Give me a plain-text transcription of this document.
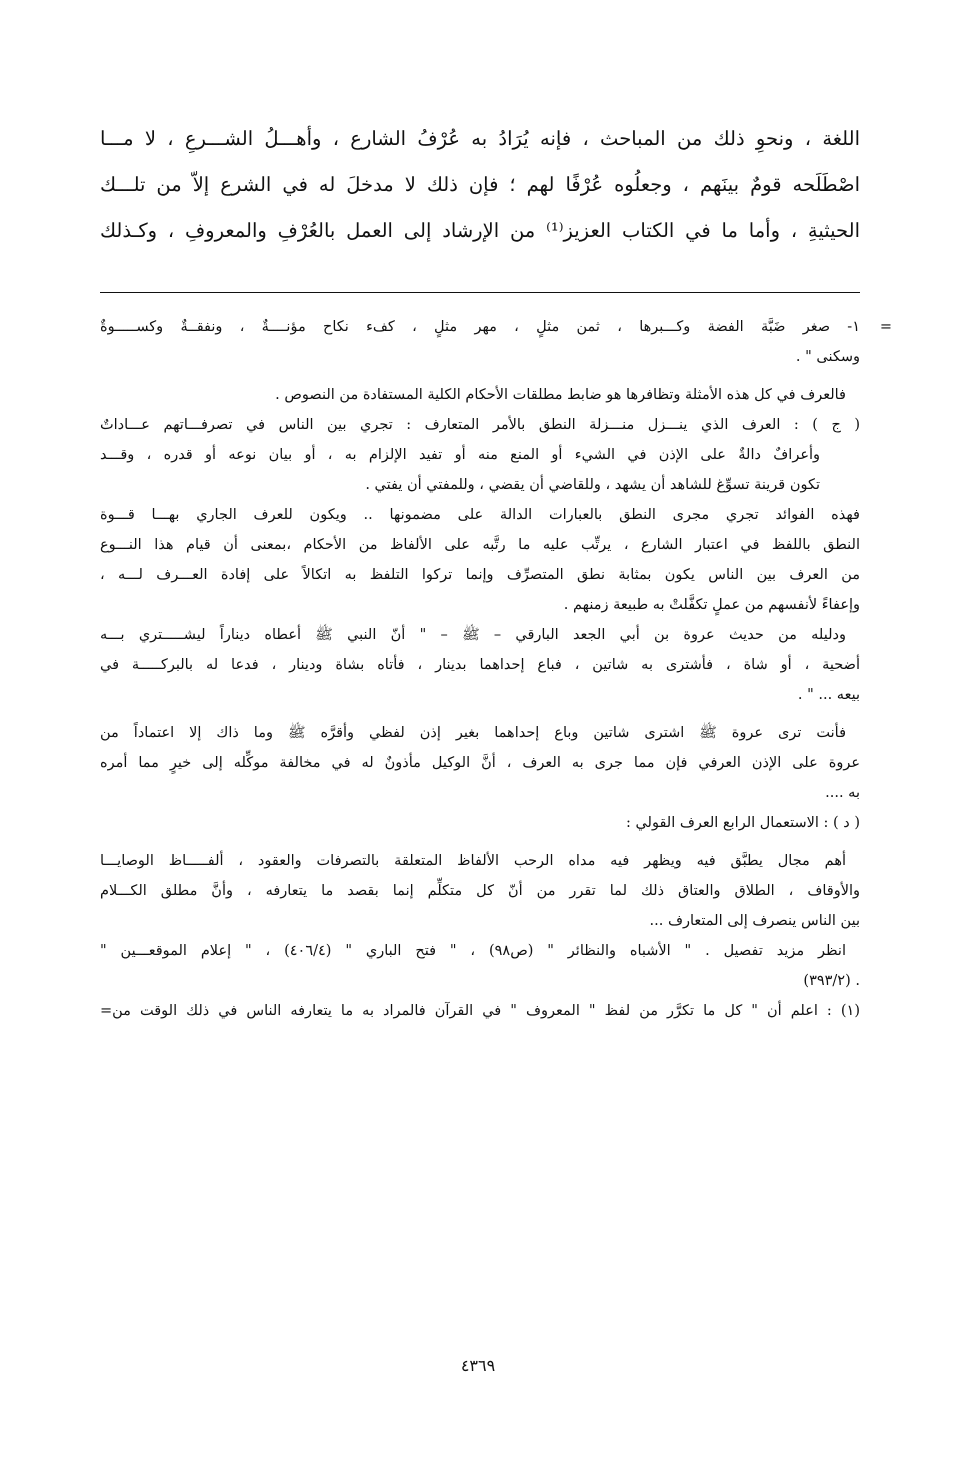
اللغة ، ونحوِ ذلك من المباحث ، فإنه يُرَادُ به عُرْفُ الشارع ، وأهـــلُ الشـــرعِ ، لا مـــا

اصْطَلَحه قومٌ بينَهم ، وجعلُوه عُرْفًا لهم ؛ فإن ذلك لا مدخلَ له في الشرع إلاّ من تلـــك

الحيثيةِ ، وأما ما في الكتاب العزيز⁽¹⁾ من الإرشاد إلى العمل بالعُرْفِ والمعروفِ ، وكـذلك

=
١- صغر ضَبَّة الفضة وكـــبرها ، ثمن مثلٍ ، مهر مثلٍ ، كفء نكاح مؤنــــةٌ ، ونفقــةٌ وكســـــوةٌ
وسكنى " .
فالعرف في كل هذه الأمثلة وتظافرها هو ضابط مطلقات الأحكام الكلية المستفادة من النصوص .
( ج ) : العرف الذي ينـــزل منـــزلة النطق بالأمر المتعارف : تجري بين الناس في تصرفـــاتهم عـــاداتٌ
وأعرافٌ دالةٌ على الإذن في الشيء أو المنع منه أو تفيد الإلزام به ، أو بيان نوعه أو قدره ، وقـــد
تكون قرينة تسوِّغ للشاهد أن يشهد ، وللقاضي أن يقضي ، وللمفتي أن يفتي .
فهذه الفوائد تجري مجرى النطق بالعبارات الدالة على مضمونها .. ويكون للعرف الجاري بهـــا قـــوة
النطق باللفظ في اعتبار الشارع ، يرتِّب عليه ما رتَّبه على الألفاظ من الأحكام ،بمعنى أن قيام هذا النـــوع
من العرف بين الناس يكون بمثابة نطق المتصرِّف وإنما تركوا التلفظ به اتكالاً على إفادة العـــرف لـــه ،
وإعفاءً لأنفسهم من عملٍ تكفَّلتْ به طبيعة زمنهم .
ودليله من حديث عروة بن أبي الجعد البارقي – ﷺ – " أنّ النبي ﷺ أعطاه ديناراً ليشـــــتري بـــه
أضحية ، أو شاة ، فأشترى به شاتين ، فباع إحداهما بدينار ، فأتاه بشاة ودينار ، فدعا له بالبركـــــة في
بيعه ... " .
فأنت ترى عروة ﷺ اشترى شاتين وباع إحداهما بغير إذن لفظي وأقرَّه ﷺ وما ذاك إلا اعتماداً من
عروة على الإذن العرفي فإن مما جرى به العرف ، أنَّ الوكيل مأذونٌ له في مخالفة موكِّله إلى خيرٍ مما أمره
به ....
( د ) : الاستعمال الرابع العرف القولي :
أهم مجال يطبَّق فيه ويظهر فيه مداه الرحب الألفاظ المتعلقة بالتصرفات والعقود ، ألفـــــاظ الوصايـــا
والأوقاف ، الطلاق والعتاق ذلك لما تقرر من أنّ كل متكلِّم إنما بقصد ما يتعارفه ، وأنَّ مطلق الكـــلام
بين الناس ينصرف إلى المتعارف ...
انظر مزيد تفصيل . " الأشباه والنظائر " (ص٩٨) ، " فتح الباري " (٤٠٦/٤) ، " إعلام الموقعـــين "
. (٣٩٣/٢)
(١) : اعلم أن " كل ما تكرَّر من لفظ " المعروف " في القرآن فالمراد به ما يتعارفه الناس في ذلك الوقت من=
٤٣٦٩
